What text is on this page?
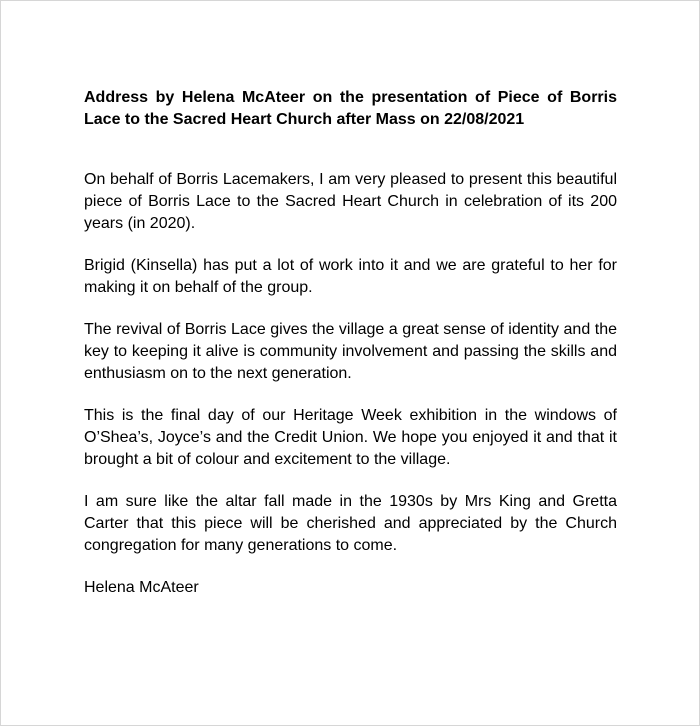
Address by Helena McAteer on the presentation of Piece of Borris Lace to the Sacred Heart Church after Mass on 22/08/2021

On behalf of Borris Lacemakers, I am very pleased to present this beautiful piece of Borris Lace to the Sacred Heart Church in celebration of its 200 years (in 2020).

Brigid (Kinsella) has put a lot of work into it and we are grateful to her for making it on behalf of the group.

The revival of Borris Lace gives the village a great sense of identity and the key to keeping it alive is community involvement and passing the skills and enthusiasm on to the next generation.

This is the final day of our Heritage Week exhibition in the windows of O’Shea’s, Joyce’s and the Credit Union. We hope you enjoyed it and that it brought a bit of colour and excitement to the village.

I am sure like the altar fall made in the 1930s by Mrs King and Gretta Carter that this piece will be cherished and appreciated by the Church congregation for many generations to come.

Helena McAteer
